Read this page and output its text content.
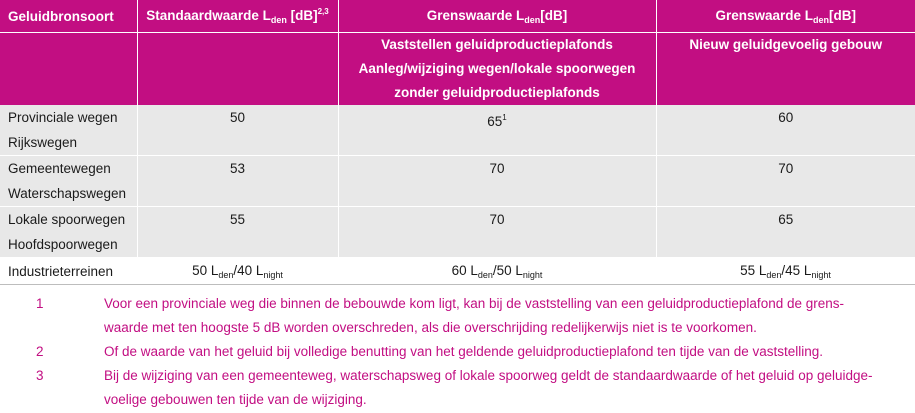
Geluidbronsoort	Standaardwaarde $L_{den}$ [dB]$^{2,3}$	Grenswaarde $L_{den}[dB]$	Grenswaarde $L_{den}[dB]$

		Vaststellen geluidproductieplafonds
Aanleg/wijziging wegen/lokale spoorwegen
zonder geluidproductieplafonds	Nieuw geluidgevoelig gebouw

Provinciale wegen
Rijkswegen	50	$65^1$	60

Gemeentewegen
Waterschapswegen	53	70	70

Lokale spoorwegen
Hoofdspoorwegen	55	70	65
Industrieterreinen	50 $L_{den}/40$ $L_{night}$	60 $L_{den}/50$ $L_{night}$	55 $L_{den}/45$ $L_{night}$
1	Voor een provinciale weg die binnen de bebouwde kom ligt, kan bij de vaststelling van een geluidproductieplafond de grens-
waarde met ten hoogste 5 dB worden overschreden, als die overschrijding redelijkerwijs niet is te voorkomen.
2	Of de waarde van het geluid bij volledige benutting van het geldende geluidproductieplafond ten tijde van de vaststelling.
3	Bij de wijziging van een gemeenteweg, waterschapsweg of lokale spoorweg geldt de standaardwaarde of het geluid op geluidge-
voelige gebouwen ten tijde van de wijziging.
